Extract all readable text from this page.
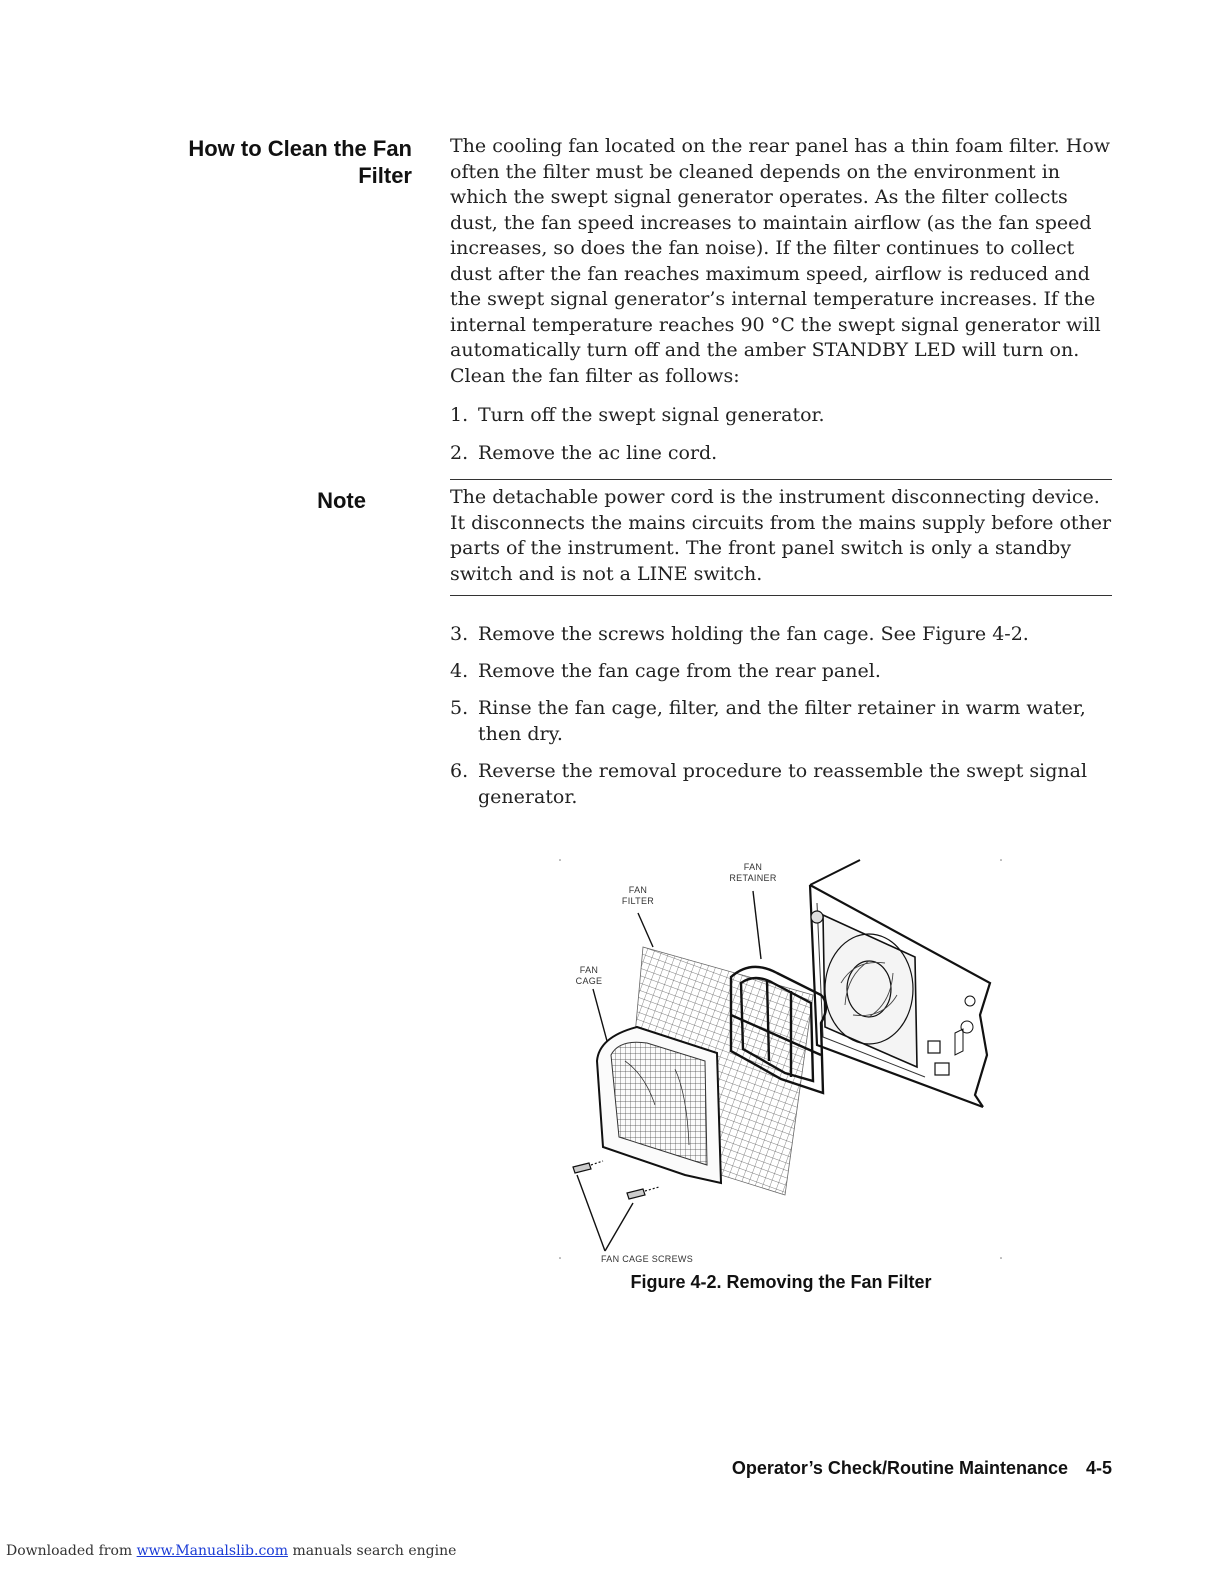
How to Clean the Fan
Filter
The cooling fan located on the rear panel has a thin foam filter. How often the filter must be cleaned depends on the environment in which the swept signal generator operates. As the filter collects dust, the fan speed increases to maintain airflow (as the fan speed increases, so does the fan noise). If the filter continues to collect dust after the fan reaches maximum speed, airflow is reduced and the swept signal generator’s internal temperature increases. If the internal temperature reaches 90 °C the swept signal generator will automatically turn off and the amber STANDBY LED will turn on. Clean the fan filter as follows:
1. Turn off the swept signal generator.
2. Remove the ac line cord.
Note	The detachable power cord is the instrument disconnecting device. It disconnects the mains circuits from the mains supply before other parts of the instrument. The front panel switch is only a standby switch and is not a LINE switch.
3. Remove the screws holding the fan cage. See Figure 4-2.
4. Remove the fan cage from the rear panel.
5. Rinse the fan cage, filter, and the filter retainer in warm water, then dry.
6. Reverse the removal procedure to reassemble the swept signal generator.
FAN
RETAINER
FAN
FILTER
FAN
CAGE
FAN CAGE SCREWS
Figure 4-2. Removing the Fan Filter
Operator’s Check/Routine Maintenance 4-5
Downloaded from www.Manualslib.com manuals search engine
